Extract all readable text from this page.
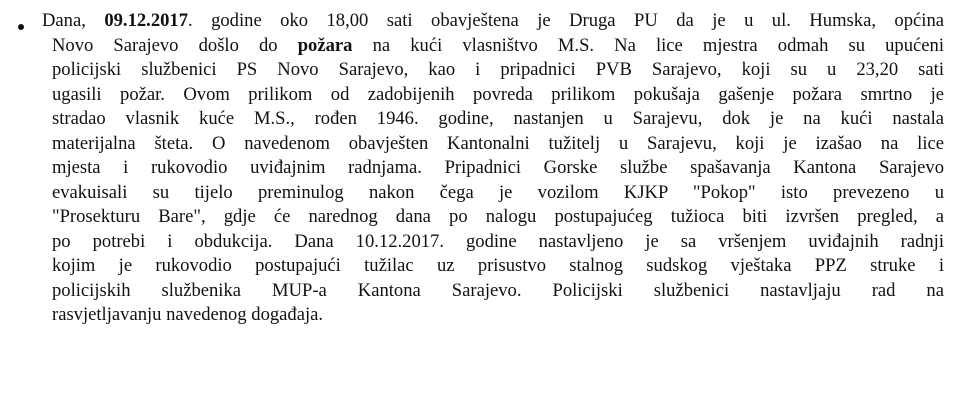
Dana, 09.12.2017. godine oko 18,00 sati obavještena je Druga PU da je u ul. Humska, općina
Novo Sarajevo došlo do požara na kući vlasništvo M.S. Na lice mjestra odmah su upućeni
policijski službenici PS Novo Sarajevo, kao i pripadnici PVB Sarajevo, koji su u 23,20 sati
ugasili požar. Ovom prilikom od zadobijenih povreda prilikom pokušaja gašenje požara smrtno je
stradao vlasnik kuće M.S., rođen 1946. godine, nastanjen u Sarajevu, dok je na kući nastala
materijalna šteta. O navedenom obavješten Kantonalni tužitelj u Sarajevu, koji je izašao na lice
mjesta i rukovodio uviđajnim radnjama. Pripadnici Gorske službe spašavanja Kantona Sarajevo
evakuisali su tijelo preminulog nakon čega je vozilom KJKP "Pokop" isto prevezeno u
"Prosekturu Bare", gdje će narednog dana po nalogu postupajućeg tužioca biti izvršen pregled, a
po potrebi i obdukcija. Dana 10.12.2017. godine nastavljeno je sa vršenjem uviđajnih radnji
kojim je rukovodio postupajući tužilac uz prisustvo stalnog sudskog vještaka PPZ struke i
policijskih službenika MUP-a Kantona Sarajevo. Policijski službenici nastavljaju rad na
rasvjetljavanju navedenog događaja.
